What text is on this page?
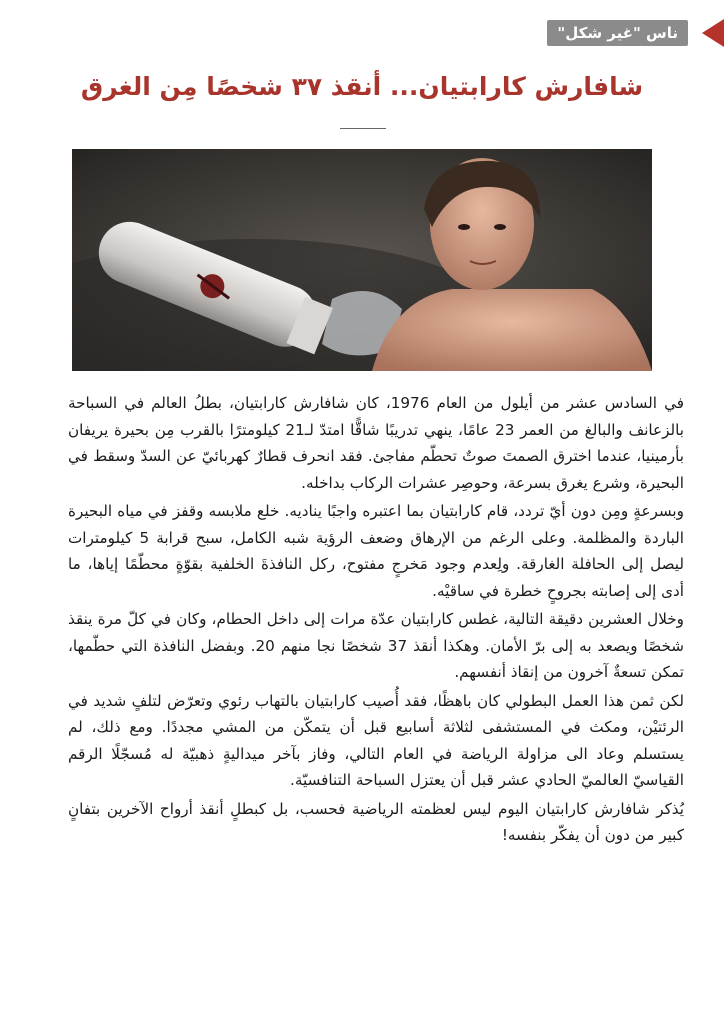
ناس "غير شكل"
شافارش كارابتيان... أنقذ ٣٧ شخصًا مِن الغرق

في السادس عشر من أيلول من العام 1976، كان شافارش كارابتيان، بطلُ العالم في السباحة بالزعانف والبالغ من العمر 23 عامًا، ينهي تدريبًا شاقًّا امتدّ لـ21 كيلومترًا بالقرب مِن بحيرة يريفان بأرمينيا، عندما اخترق الصمتَ صوتٌ تحطّم مفاجئ. فقد انحرف قطارٌ كهربائيّ عن السدّ وسقط في البحيرة، وشرع يغرق بسرعة، وحوصِر عشرات الركاب بداخله.

وبسرعةٍ ومِن دون أيّ تردد، قام كارابتيان بما اعتبره واجبًا يناديه. خلع ملابسه وقفز في مياه البحيرة الباردة والمظلمة. وعلى الرغم من الإرهاق وضعف الرؤية شبه الكامل، سبح قرابة 5 كيلومترات ليصل إلى الحافلة الغارقة. ولِعدم وجود مَخرجٍ مفتوح، ركل النافذةَ الخلفية بقوّةٍ محطّمًا إياها، ما أدى إلى إصابته بجروحٍ خطرة في ساقيْه.

وخلال العشرين دقيقة التالية، غطس كارابتيان عدّة مرات إلى داخل الحطام، وكان في كلّ مرة ينقذ شخصًا ويصعد به إلى برّ الأمان. وهكذا أنقذ 37 شخصًا نجا منهم 20. وبفضل النافذة التي حطّمها، تمكن تسعةٌ آخرون من إنقاذ أنفسهم.

لكن ثمن هذا العمل البطولي كان باهظًا، فقد أُصيب كارابتيان بالتهاب رئوي وتعرّض لتلفٍ شديد في الرئتيْن، ومكث في المستشفى لثلاثة أسابيع قبل أن يتمكّن من المشي مجددًا. ومع ذلك، لم يستسلم وعاد الى مزاولة الرياضة في العام التالي، وفاز بآخر ميداليةٍ ذهبيّة له مُسجّلًا الرقم القياسيّ العالميّ الحادي عشر قبل أن يعتزل السباحة التنافسيّة.

يُذكر شافارش كارابتيان اليوم ليس لعظمته الرياضية فحسب، بل كبطلٍ أنقذ أرواح الآخرين بتفانٍ كبير من دون أن يفكّر بنفسه!
